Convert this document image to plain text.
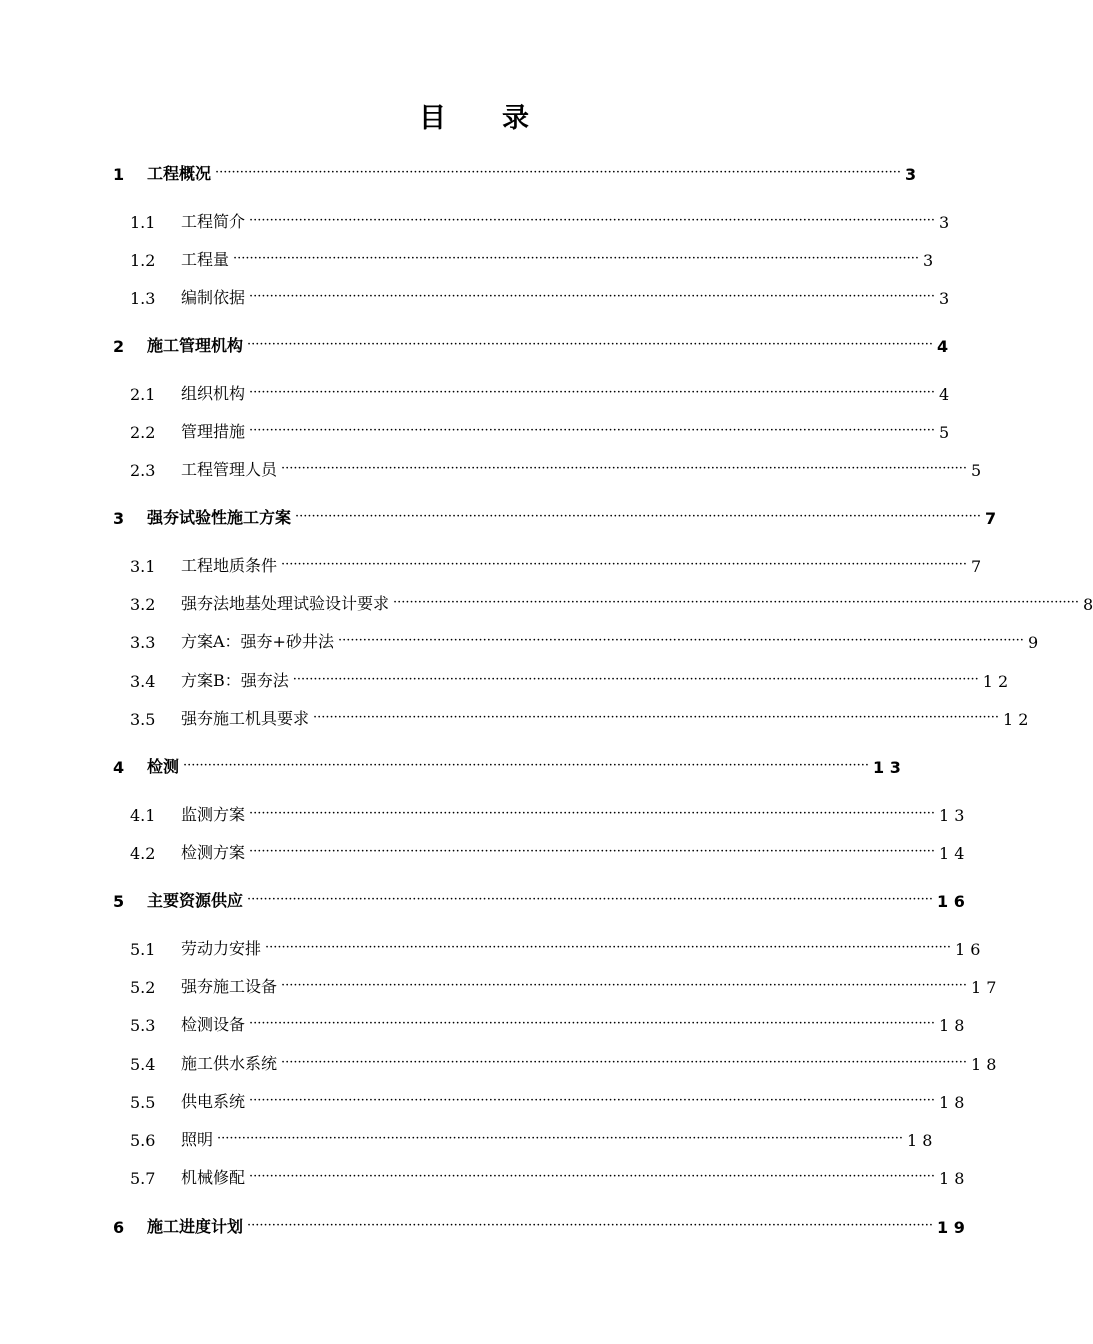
目 录
1	工程概况 ······································································································································································ 3
1.1	工程简介 ······································································································································································ 3
1.2	工程量 ······································································································································································ 3
1.3	编制依据 ······································································································································································ 3
2	施工管理机构 ······································································································································································ 4
2.1	组织机构 ······································································································································································ 4
2.2	管理措施 ······································································································································································ 5
2.3	工程管理人员 ······································································································································································ 5
3	强夯试验性施工方案 ······································································································································································ 7
3.1	工程地质条件 ······································································································································································ 7
3.2	强夯法地基处理试验设计要求 ······································································································································································ 8
3.3	方案A：强夯+砂井法 ······································································································································································ 9
3.4	方案B：强夯法 ······································································································································································ 1 2
3.5	强夯施工机具要求 ······································································································································································ 1 2
4	检测 ······································································································································································ 1 3
4.1	监测方案 ······································································································································································ 1 3
4.2	检测方案 ······································································································································································ 1 4
5	主要资源供应 ······································································································································································ 1 6
5.1	劳动力安排 ······································································································································································ 1 6
5.2	强夯施工设备 ······································································································································································ 1 7
5.3	检测设备 ······································································································································································ 1 8
5.4	施工供水系统 ······································································································································································ 1 8
5.5	供电系统 ······································································································································································ 1 8
5.6	照明 ······································································································································································ 1 8
5.7	机械修配 ······································································································································································ 1 8
6	施工进度计划 ······································································································································································ 1 9
